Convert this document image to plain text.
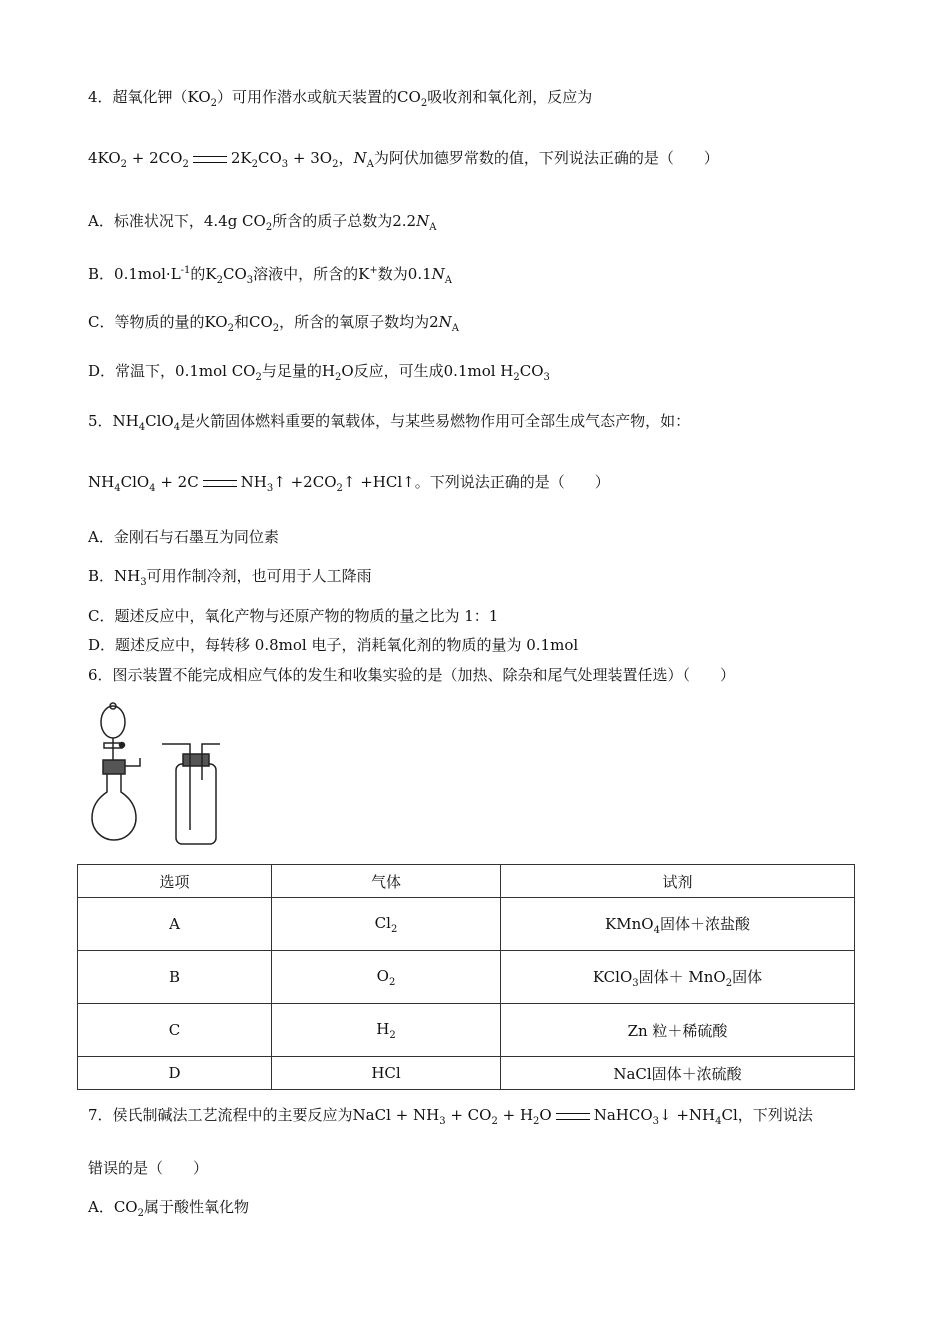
4．超氧化钾$(KO_2)$可用作潜水或航天装置的$CO_2$吸收剂和氧化剂，反应为
$4KO_2 + 2CO_2$	$2K_2CO_3 + 3O_2$，$N_A$为阿伏加德罗常数的值，下列说法正确的是（　　）
A．标准状况下，4.4g $CO_2$所含的质子总数为$2.2N_A$
B．$0.1mol\cdot L^{-1}$的$K_2CO_3$溶液中，所含的K+数为$0.1N_A$
C．等物质的量的$KO_2$和$CO_2$，所含的氧原子数均为$2N_A$
D．常温下，0.1mol $CO_2$与足量的$H_2O$反应，可生成0.1mol $H_2CO_3$
5．$NH_4ClO_4$是火箭固体燃料重要的氧载体，与某些易燃物作用可全部生成气态产物，如：
$NH_4ClO_4 + 2C$	$NH_3↑$ $+2CO_2↑$ +HCl↑。下列说法正确的是（　　）
A．金刚石与石墨互为同位素
B．$NH_3$可用作制冷剂，也可用于人工降雨
C．题述反应中，氧化产物与还原产物的物质的量之比为 1：1
D．题述反应中，每转移 0.8mol 电子，消耗氧化剂的物质的量为 0.1mol
6．图示装置不能完成相应气体的发生和收集实验的是（加热、除杂和尾气处理装置任选）（　　）
选项	气体	试剂
A	$Cl_2$	KMnO$_4$固体＋浓盐酸
B	$O_2$	KClO$_3$固体＋ MnO$_2$固体
C	$H_2$	Zn 粒＋稀硫酸
D	HCl	NaCl固体＋浓硫酸
7．侯氏制碱法工艺流程中的主要反应为NaCl + $NH_3 + CO_2 + H_2O$	NaHCO$_3$↓ $+NH_4Cl$，下列说法
错误的是（　　）
A．$CO_2$属于酸性氧化物
